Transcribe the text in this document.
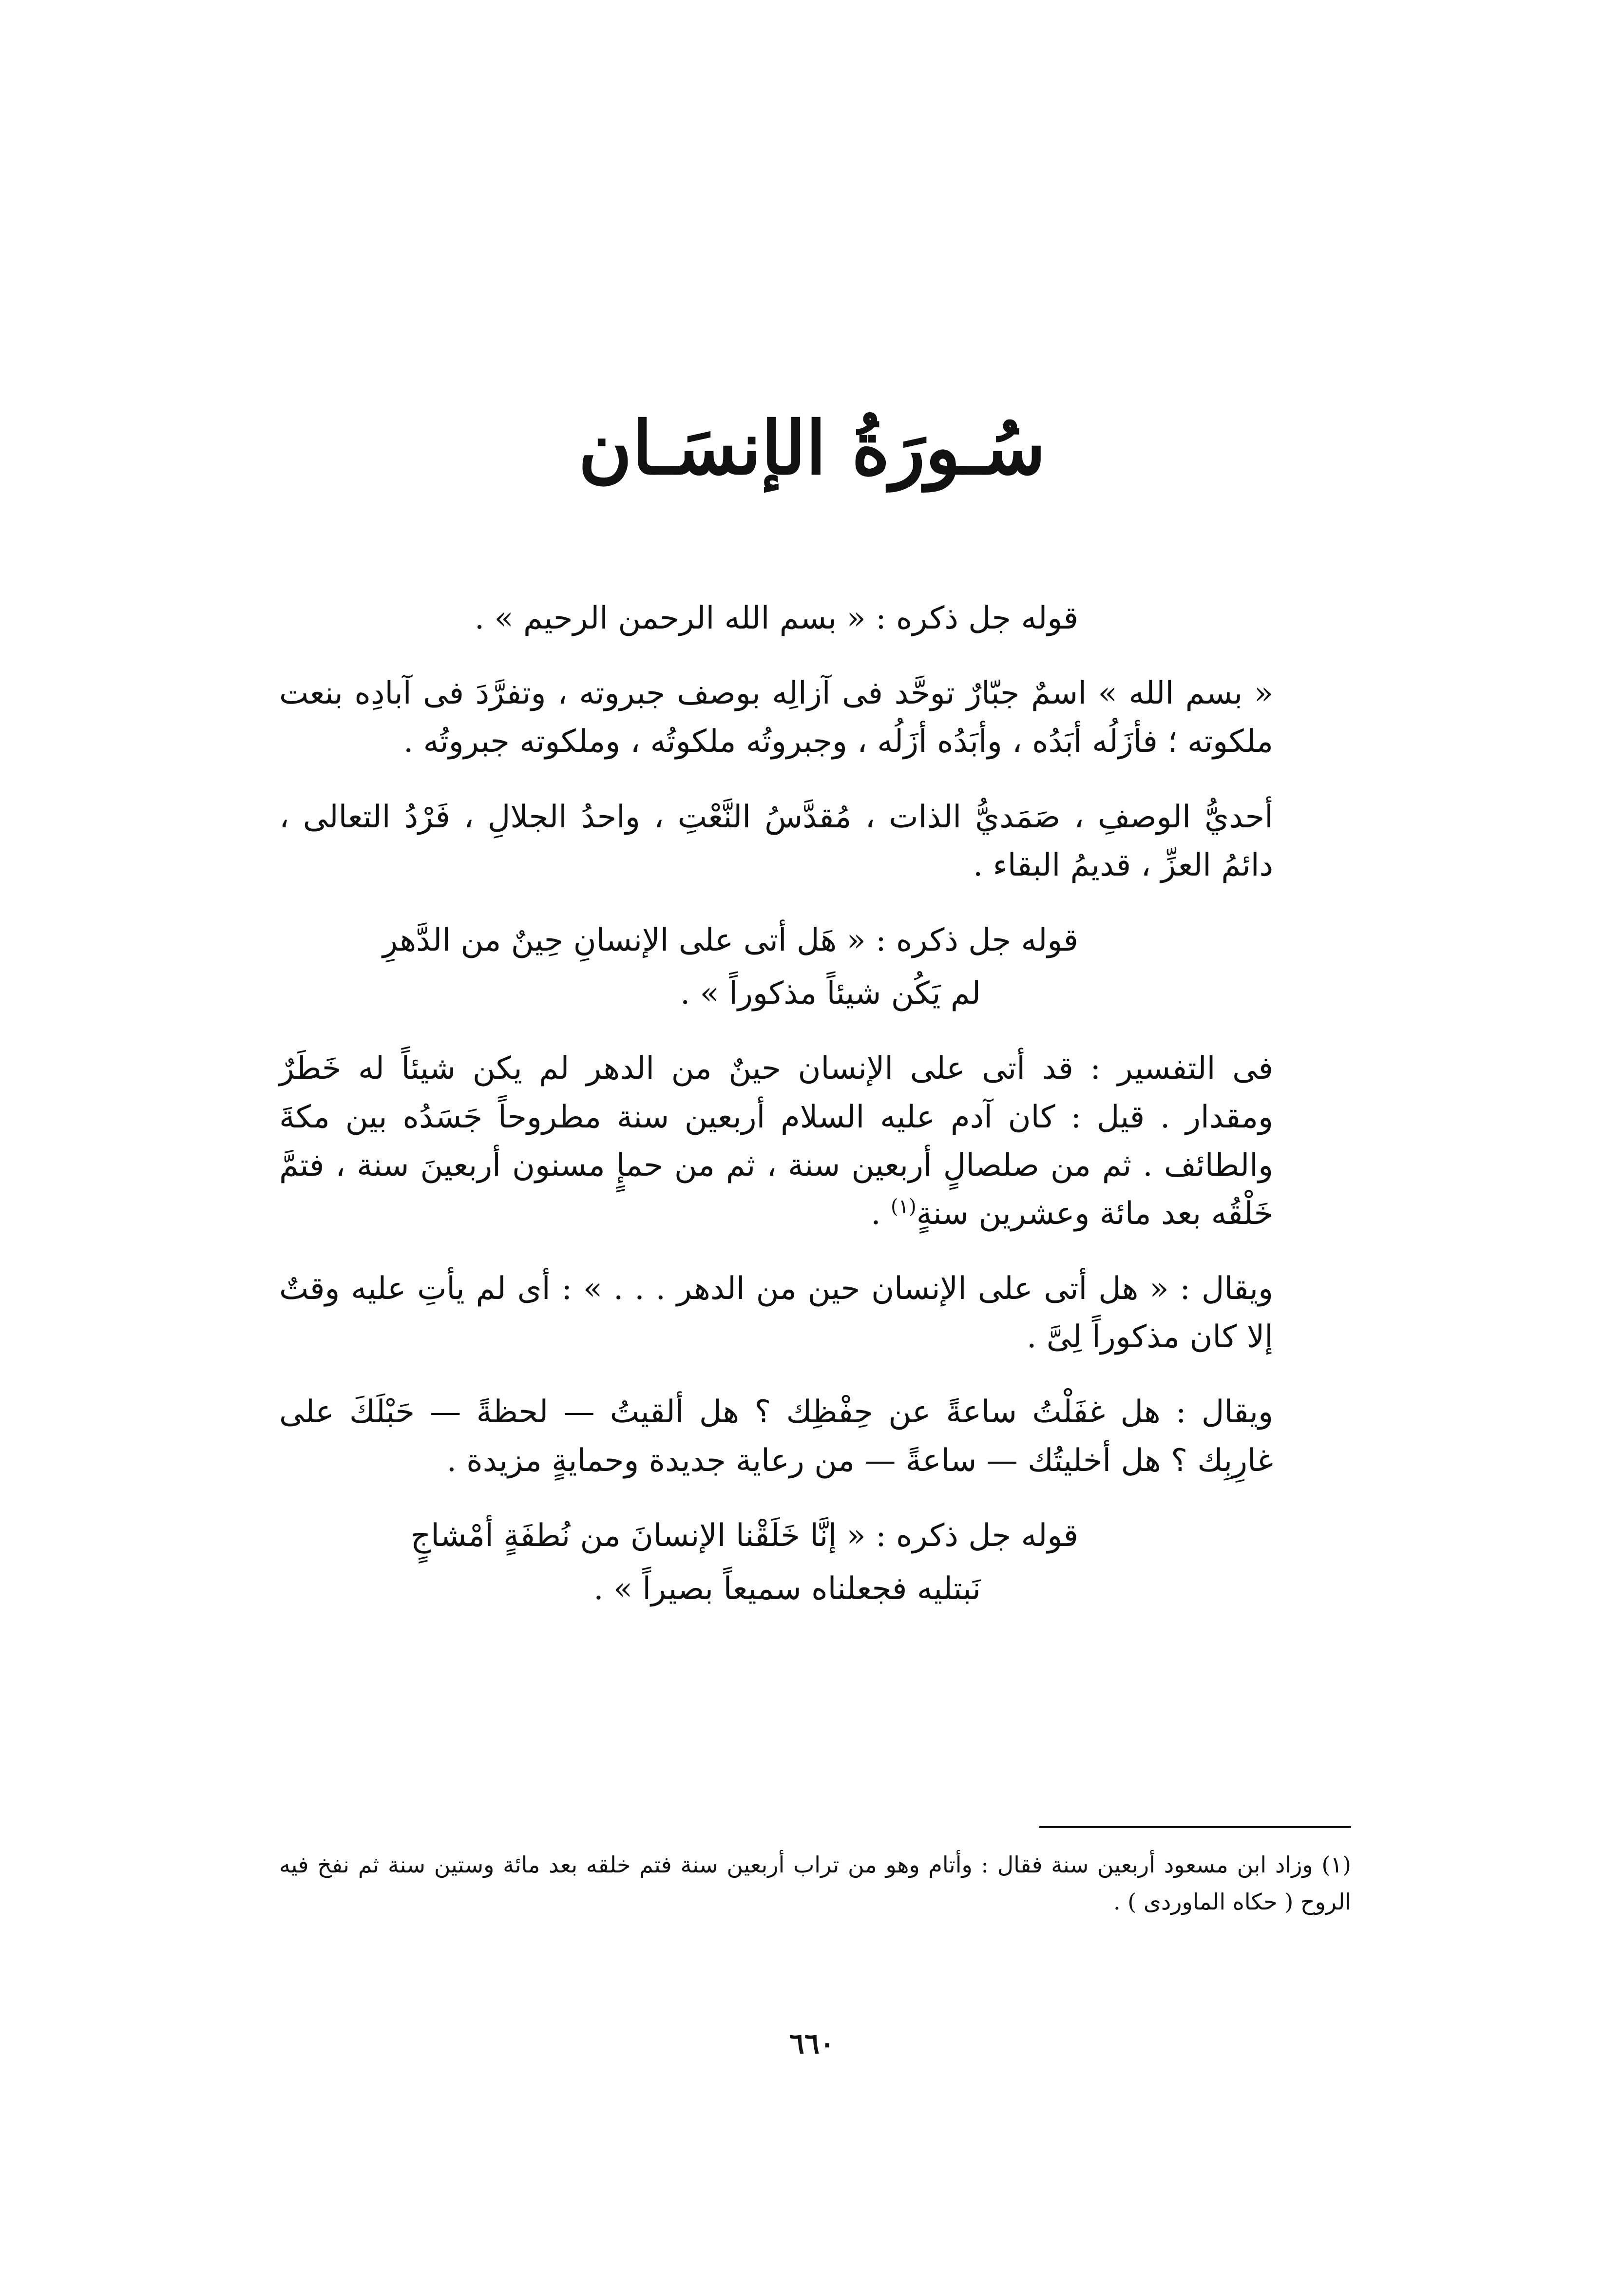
سُـورَةُ الإنسَـان

قوله جل ذكره : « بسم الله الرحمن الرحيم » .

« بسم الله » اسمٌ جبّارٌ توحَّد فى آزالِه بوصف جبروته ، وتفرَّدَ فى آبادِه بنعت ملكوته ؛ فأزَلُه أبَدُه ، وأبَدُه أزَلُه ، وجبروتُه ملكوتُه ، وملكوته جبروتُه .

أحديُّ الوصفِ ، صَمَديُّ الذات ، مُقدَّسُ النَّعْتِ ، واحدُ الجلالِ ، فَرْدُ التعالى ، دائمُ العزِّ ، قديمُ البقاء .

قوله جل ذكره : « هَل أتى على الإنسانِ حِينٌ من الدَّهرِ

لم يَكُن شيئاً مذكوراً » .

فى التفسير : قد أتى على الإنسان حينٌ من الدهر لم يكن شيئاً له خَطَرٌ ومقدار . قيل : كان آدم عليه السلام أربعين سنة مطروحاً جَسَدُه بين مكةَ والطائف . ثم من صلصالٍ أربعين سنة ، ثم من حمإٍ مسنون أربعينَ سنة ، فتمَّ خَلْقُه بعد مائة وعشرين سنةٍ$^{(١)}$ .

ويقال : « هل أتى على الإنسان حين من الدهر . . . » : أى لم يأتِ عليه وقتٌ إلا كان مذكوراً لِىَّ .

ويقال : هل غفَلْتُ ساعةً عن حِفْظِك ؟ هل ألقيتُ — لحظةً — حَبْلَكَ على غارِبِك ؟ هل أخليتُك — ساعةً — من رعاية جديدة وحمايةٍ مزيدة .

قوله جل ذكره : « إنَّا خَلَقْنا الإنسانَ من نُطفَةٍ أمْشاجٍ

نَبتليه فجعلناه سميعاً بصيراً » .

(١) وزاد ابن مسعود أربعين سنة فقال : وأتام وهو من تراب أربعين سنة فتم خلقه بعد مائة وستين سنة ثم نفخ فيه الروح ( حكاه الماوردى ) .
٦٦٠
